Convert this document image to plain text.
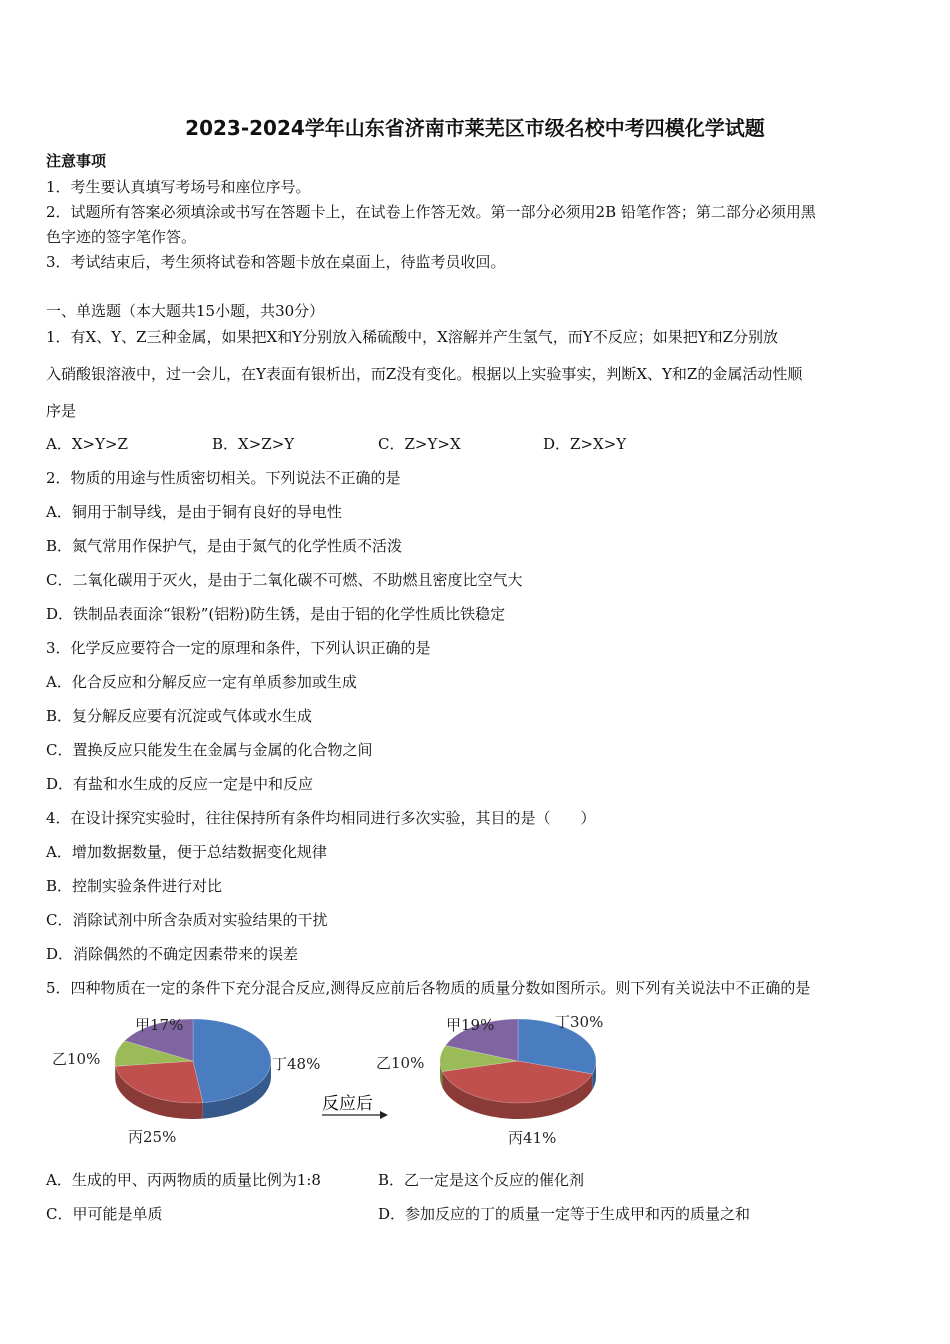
2023-2024学年山东省济南市莱芜区市级名校中考四模化学试题
注意事项
1．考生要认真填写考场号和座位序号。
2．试题所有答案必须填涂或书写在答题卡上，在试卷上作答无效。第一部分必须用2B 铅笔作答；第二部分必须用黑
色字迹的签字笔作答。
3．考试结束后，考生须将试卷和答题卡放在桌面上，待监考员收回。
一、单选题（本大题共15小题，共30分）
1．有X、Y、Z三种金属，如果把X和Y分别放入稀硫酸中，X溶解并产生氢气，而Y不反应；如果把Y和Z分别放
入硝酸银溶液中，过一会儿，在Y表面有银析出，而Z没有变化。根据以上实验事实，判断X、Y和Z的金属活动性顺
序是
A．X>Y>Z	B．X>Z>Y	C．Z>Y>X	D．Z>X>Y
2．物质的用途与性质密切相关。下列说法不正确的是
A．铜用于制导线，是由于铜有良好的导电性
B．氮气常用作保护气，是由于氮气的化学性质不活泼
C．二氧化碳用于灭火，是由于二氧化碳不可燃、不助燃且密度比空气大
D．铁制品表面涂“银粉”(铝粉)防生锈，是由于铝的化学性质比铁稳定
3．化学反应要符合一定的原理和条件，下列认识正确的是
A．化合反应和分解反应一定有单质参加或生成
B．复分解反应要有沉淀或气体或水生成
C．置换反应只能发生在金属与金属的化合物之间
D．有盐和水生成的反应一定是中和反应
4．在设计探究实验时，往往保持所有条件均相同进行多次实验，其目的是（　　）
A．增加数据数量，便于总结数据变化规律
B．控制实验条件进行对比
C．消除试剂中所含杂质对实验结果的干扰
D．消除偶然的不确定因素带来的误差
5．四种物质在一定的条件下充分混合反应,测得反应前后各物质的质量分数如图所示。则下列有关说法中不正确的是
丁48%
丙25%
乙10%
甲17%	丁30%
丙41%
乙10%
甲19%
反应后
A．生成的甲、丙两物质的质量比例为1:8	B．乙一定是这个反应的催化剂
C．甲可能是单质	D．参加反应的丁的质量一定等于生成甲和丙的质量之和
